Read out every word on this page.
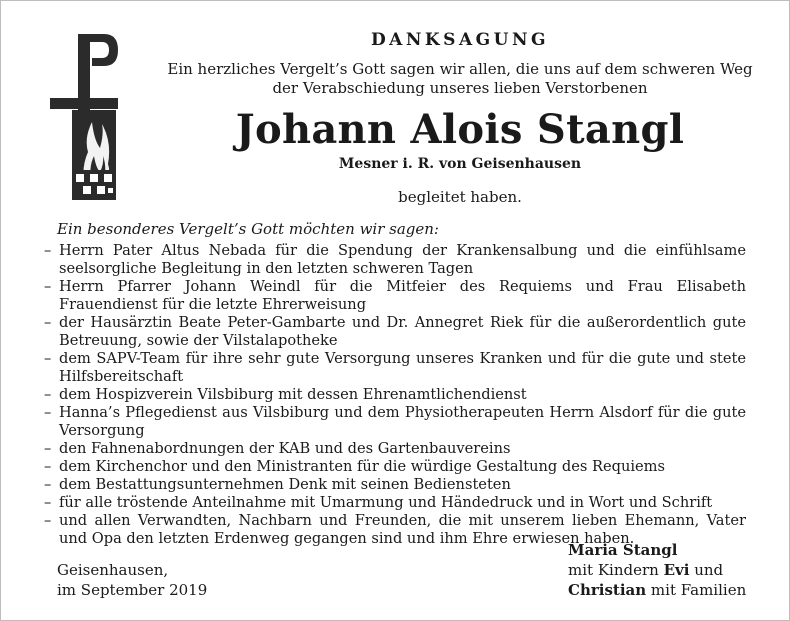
DANKSAGUNG
Ein herzliches Vergelt’s Gott sagen wir allen, die uns auf dem schweren Weg
der Verabschiedung unseres lieben Verstorbenen
Johann Alois Stangl
Mesner i. R. von Geisenhausen
begleitet haben.
Ein besonderes Vergelt’s Gott möchten wir sagen:
– Herrn Pater Altus Nebada für die Spendung der Krankensalbung und die einfühlsame seelsorgliche Begleitung in den letzten schweren Tagen
– Herrn Pfarrer Johann Weindl für die Mitfeier des Requiems und Frau Elisabeth Frauendienst für die letzte Ehrerweisung
– der Hausärztin Beate Peter-Gambarte und Dr. Annegret Riek für die außerordentlich gute Betreuung, sowie der Vilstalapotheke
– dem SAPV-Team für ihre sehr gute Versorgung unseres Kranken und für die gute und stete Hilfsbereitschaft
– dem Hospizverein Vilsbiburg mit dessen Ehrenamtlichendienst
– Hanna’s Pflegedienst aus Vilsbiburg und dem Physiotherapeuten Herrn Alsdorf für die gute Versorgung
– den Fahnenabordnungen der KAB und des Gartenbauvereins
– dem Kirchenchor und den Ministranten für die würdige Gestaltung des Requiems
– dem Bestattungsunternehmen Denk mit seinen Bediensteten
– für alle tröstende Anteilnahme mit Umarmung und Händedruck und in Wort und Schrift
– und allen Verwandten, Nachbarn und Freunden, die mit unserem lieben Ehemann, Vater und Opa den letzten Erdenweg gegangen sind und ihm Ehre erwiesen haben.
Geisenhausen,
im September 2019
Maria Stangl
mit Kindern Evi und
Christian mit Familien
